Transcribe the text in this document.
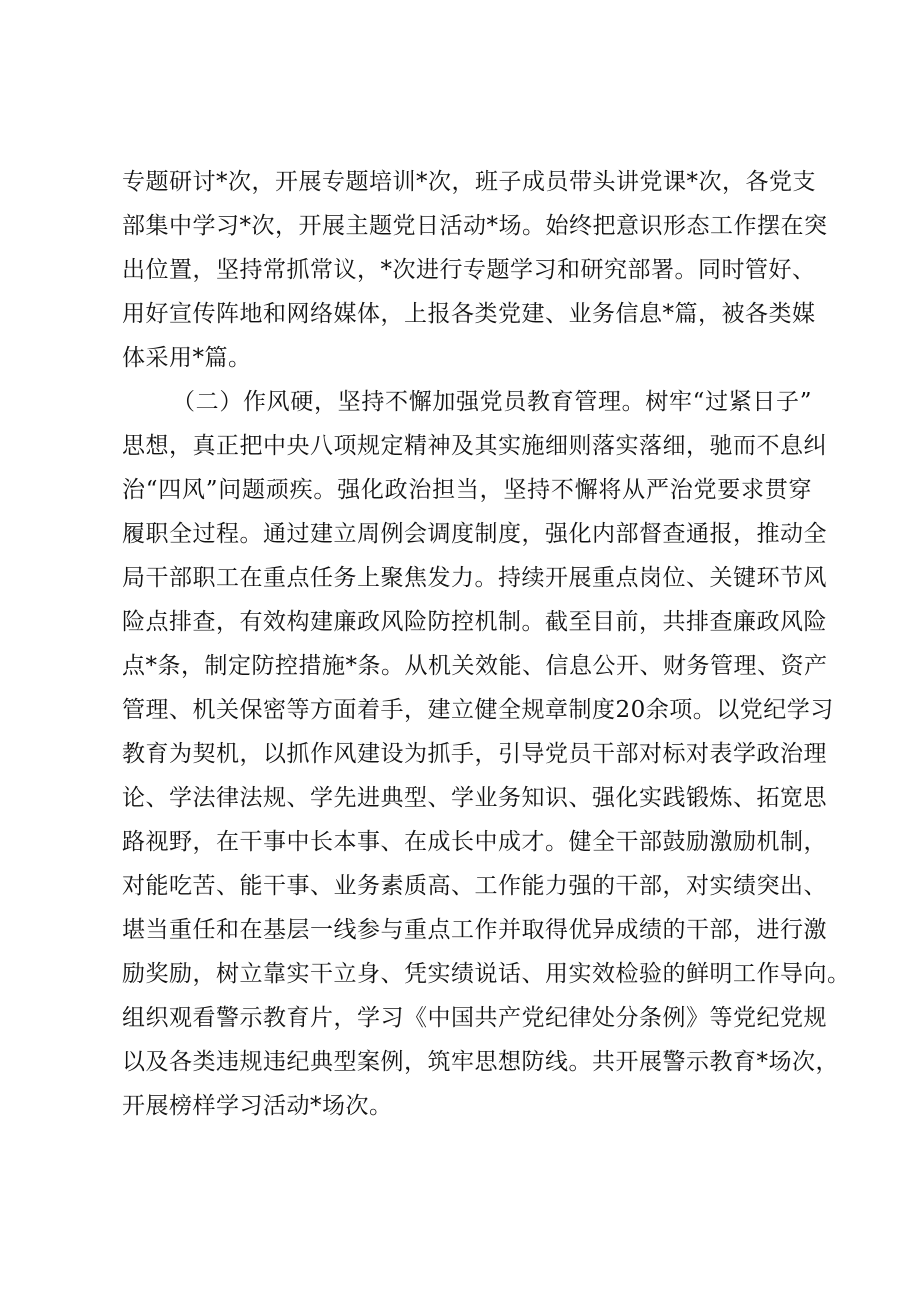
专题研讨*次，开展专题培训*次，班子成员带头讲党课*次，各党支
部集中学习*次，开展主题党日活动*场。始终把意识形态工作摆在突
出位置，坚持常抓常议，*次进行专题学习和研究部署。同时管好、
用好宣传阵地和网络媒体，上报各类党建、业务信息*篇，被各类媒
体采用*篇。
（二）作风硬，坚持不懈加强党员教育管理。树牢“过紧日子”
思想，真正把中央八项规定精神及其实施细则落实落细，驰而不息纠
治“四风”问题顽疾。强化政治担当，坚持不懈将从严治党要求贯穿
履职全过程。通过建立周例会调度制度，强化内部督查通报，推动全
局干部职工在重点任务上聚焦发力。持续开展重点岗位、关键环节风
险点排查，有效构建廉政风险防控机制。截至目前，共排查廉政风险
点*条，制定防控措施*条。从机关效能、信息公开、财务管理、资产
管理、机关保密等方面着手，建立健全规章制度20余项。以党纪学习
教育为契机，以抓作风建设为抓手，引导党员干部对标对表学政治理
论、学法律法规、学先进典型、学业务知识、强化实践锻炼、拓宽思
路视野，在干事中长本事、在成长中成才。健全干部鼓励激励机制，
对能吃苦、能干事、业务素质高、工作能力强的干部，对实绩突出、
堪当重任和在基层一线参与重点工作并取得优异成绩的干部，进行激
励奖励，树立靠实干立身、凭实绩说话、用实效检验的鲜明工作导向。
组织观看警示教育片，学习《中国共产党纪律处分条例》等党纪党规
以及各类违规违纪典型案例，筑牢思想防线。共开展警示教育*场次，
开展榜样学习活动*场次。
